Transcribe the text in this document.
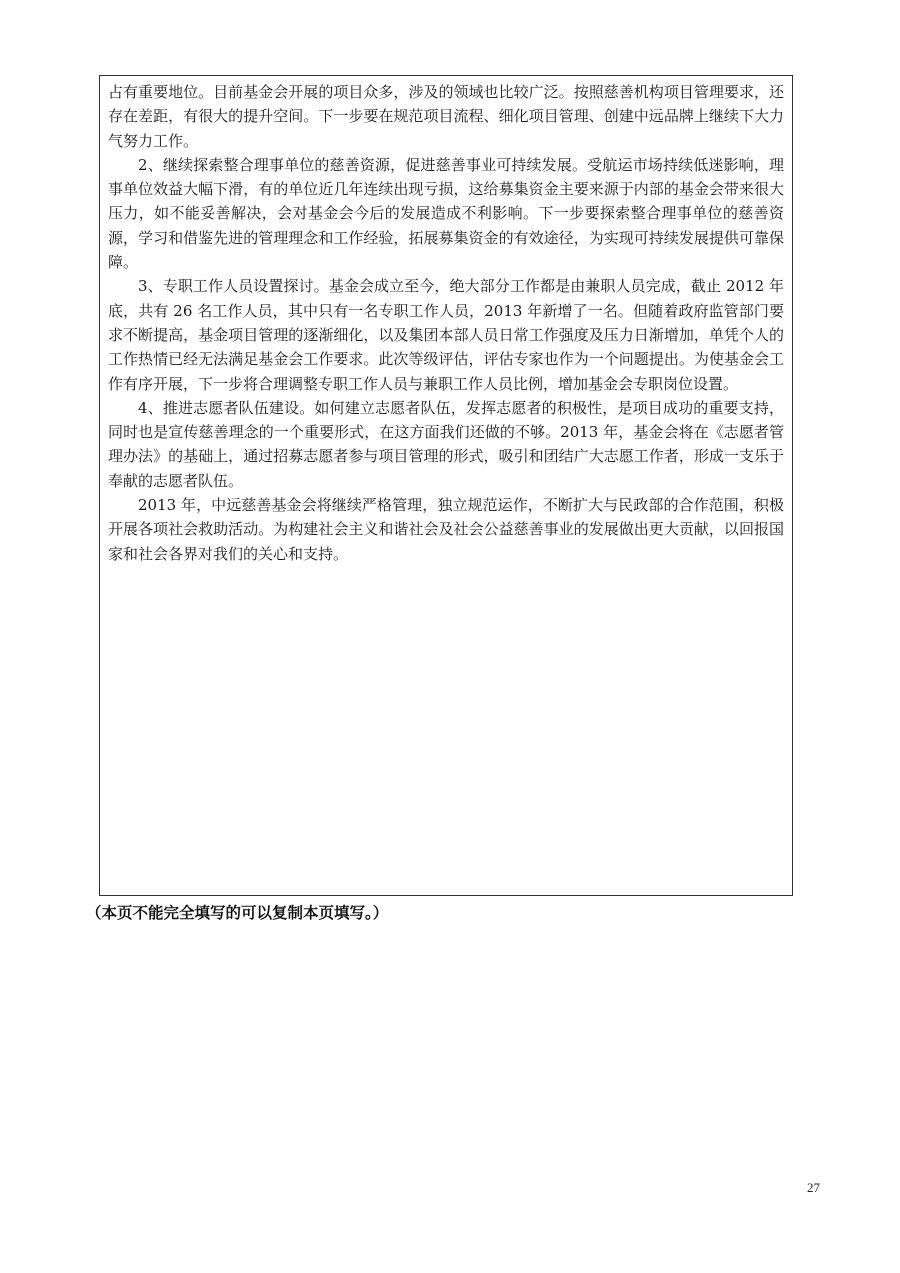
占有重要地位。目前基金会开展的项目众多，涉及的领域也比较广泛。按照慈善机构项目管理要求，还存在差距，有很大的提升空间。下一步要在规范项目流程、细化项目管理、创建中远品牌上继续下大力气努力工作。

2、继续探索整合理事单位的慈善资源，促进慈善事业可持续发展。受航运市场持续低迷影响，理事单位效益大幅下滑，有的单位近几年连续出现亏损，这给募集资金主要来源于内部的基金会带来很大压力，如不能妥善解决，会对基金会今后的发展造成不利影响。下一步要探索整合理事单位的慈善资源，学习和借鉴先进的管理理念和工作经验，拓展募集资金的有效途径，为实现可持续发展提供可靠保障。

3、专职工作人员设置探讨。基金会成立至今，绝大部分工作都是由兼职人员完成，截止 2012 年底，共有 26 名工作人员，其中只有一名专职工作人员，2013 年新增了一名。但随着政府监管部门要求不断提高，基金项目管理的逐渐细化，以及集团本部人员日常工作强度及压力日渐增加，单凭个人的工作热情已经无法满足基金会工作要求。此次等级评估，评估专家也作为一个问题提出。为使基金会工作有序开展，下一步将合理调整专职工作人员与兼职工作人员比例，增加基金会专职岗位设置。

4、推进志愿者队伍建设。如何建立志愿者队伍，发挥志愿者的积极性，是项目成功的重要支持，同时也是宣传慈善理念的一个重要形式，在这方面我们还做的不够。2013 年，基金会将在《志愿者管理办法》的基础上，通过招募志愿者参与项目管理的形式，吸引和团结广大志愿工作者，形成一支乐于奉献的志愿者队伍。

2013 年，中远慈善基金会将继续严格管理，独立规范运作，不断扩大与民政部的合作范围，积极开展各项社会救助活动。为构建社会主义和谐社会及社会公益慈善事业的发展做出更大贡献，以回报国家和社会各界对我们的关心和支持。

（本页不能完全填写的可以复制本页填写。）
27
